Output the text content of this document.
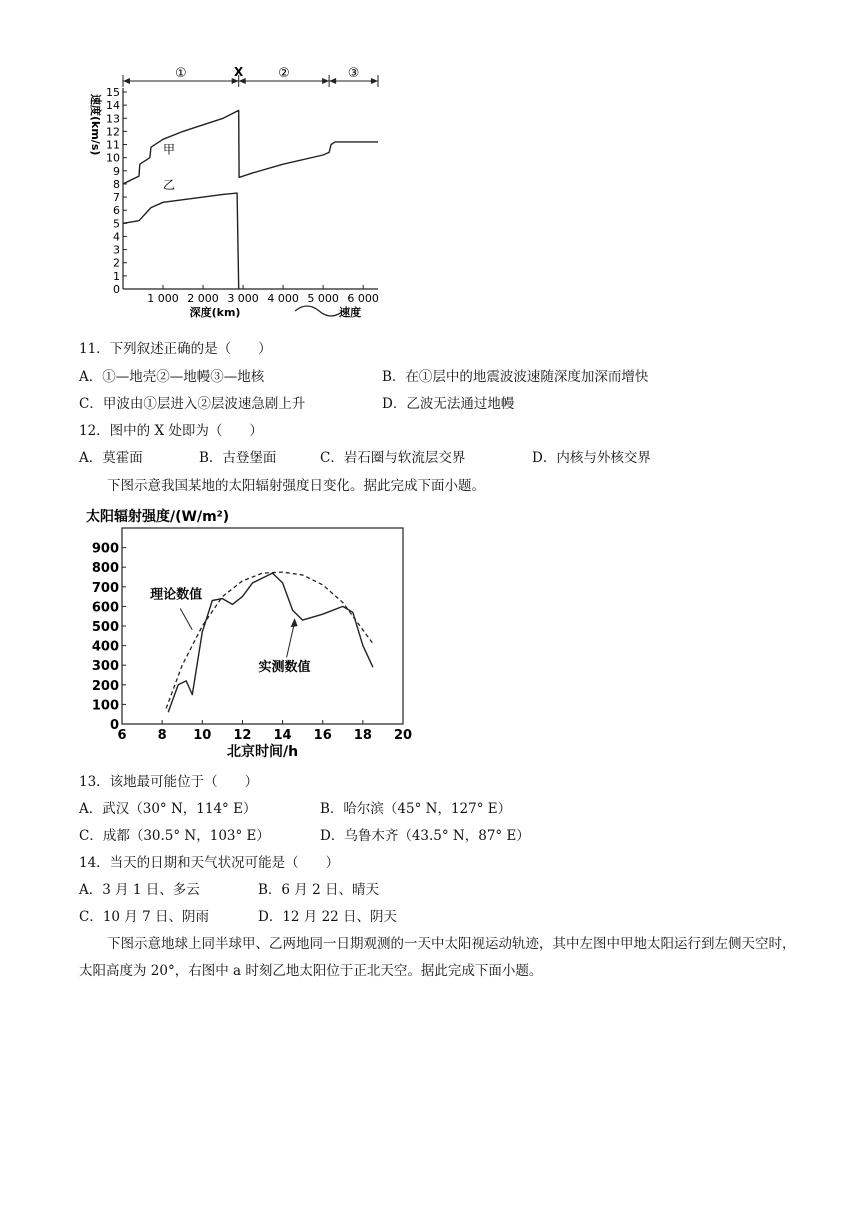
0
1
2
3
4
5
6
7
8
9
10
11
12
13
14
15
1 000 2 000 3 000 4 000 5 000 6 000
①	X	②	③
速度(km/s)
深度(km)	速度
甲
乙
11．下列叙述正确的是（　　）
A．①—地壳②—地幔③—地核	B．在①层中的地震波波速随深度加深而增快
C．甲波由①层进入②层波速急剧上升	D．乙波无法通过地幔
12．图中的 X 处即为（　　）
A．莫霍面	B．古登堡面	C．岩石圈与软流层交界	D．内核与外核交界
下图示意我国某地的太阳辐射强度日变化。据此完成下面小题。
0
100
200
300
400
500
600
700
800
900
6 8 10 12 14 16 18 20
太阳辐射强度/(W/m²)
北京时间/h
理论数值
实测数值
13．该地最可能位于（　　）
A．武汉（30° N，114° E）	B．哈尔滨（45° N，127° E）
C．成都（30.5° N，103° E）	D．乌鲁木齐（43.5° N，87° E）
14．当天的日期和天气状况可能是（　　）
A．3 月 1 日、多云	B．6 月 2 日、晴天
C．10 月 7 日、阴雨	D．12 月 22 日、阴天
下图示意地球上同半球甲、乙两地同一日期观测的一天中太阳视运动轨迹，其中左图中甲地太阳运行到左侧天空时，太阳高度为 20°，右图中 a 时刻乙地太阳位于正北天空。据此完成下面小题。
